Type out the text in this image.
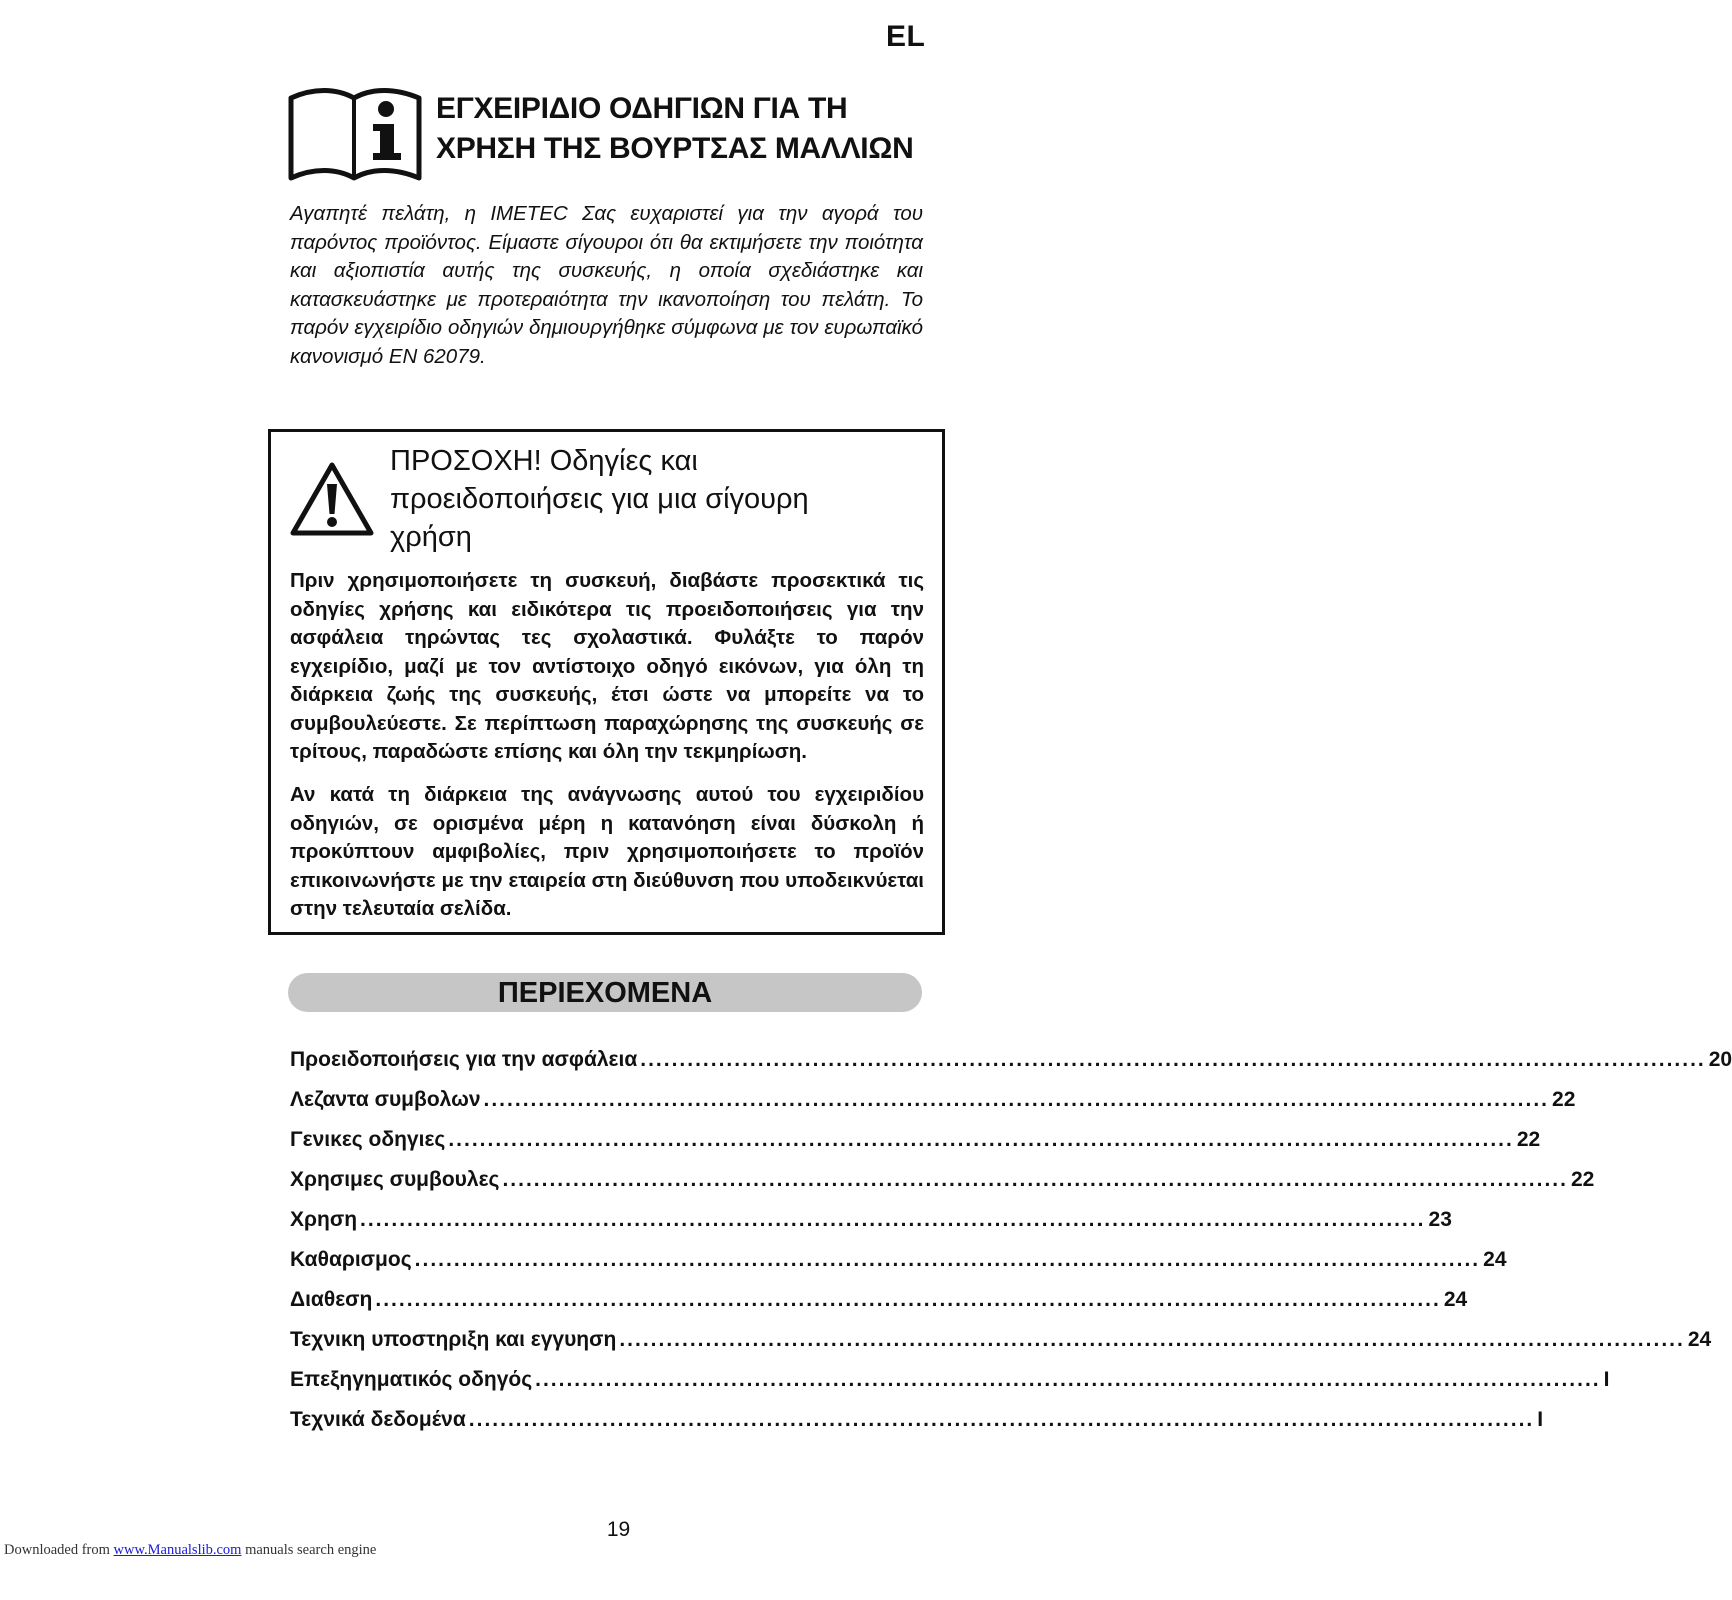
EL
ΕΓΧΕΙΡΙΔΙΟ ΟΔΗΓΙΩΝ ΓΙΑ ΤΗ
ΧΡΗΣΗ ΤΗΣ ΒΟΥΡΤΣΑΣ ΜΑΛΛΙΩΝ

Αγαπητέ πελάτη, η IMETEC Σας ευχαριστεί για την αγορά του παρόντος προϊόντος. Είμαστε σίγουροι ότι θα εκτιμήσετε την ποιότητα και αξιοπιστία αυτής της συσκευής, η οποία σχεδιάστηκε και κατασκευάστηκε με προτεραιότητα την ικανοποίηση του πελάτη. Το παρόν εγχειρίδιο οδηγιών δημιουργήθηκε σύμφωνα με τον ευρωπαϊκό κανονισμό EN 62079.

ΠΡΟΣΟΧΗ! Οδηγίες και
προειδοποιήσεις για μια σίγουρη
χρήση

Πριν χρησιμοποιήσετε τη συσκευή, διαβάστε προσεκτικά τις οδηγίες χρήσης και ειδικότερα τις προειδοποιήσεις για την ασφάλεια τηρώντας τες σχολαστικά. Φυλάξτε το παρόν εγχειρίδιο, μαζί με τον αντίστοιχο οδηγό εικόνων, για όλη τη διάρκεια ζωής της συσκευής, έτσι ώστε να μπορείτε να το συμβουλεύεστε. Σε περίπτωση παραχώρησης της συσκευής σε τρίτους, παραδώστε επίσης και όλη την τεκμηρίωση.

Αν κατά τη διάρκεια της ανάγνωσης αυτού του εγχειριδίου οδηγιών, σε ορισμένα μέρη η κατανόηση είναι δύσκολη ή προκύπτουν αμφιβολίες, πριν χρησιμοποιήσετε το προϊόν επικοινωνήστε με την εταιρεία στη διεύθυνση που υποδεικνύεται στην τελευταία σελίδα.

ΠΕΡΙΕΧΟΜΕΝΑ
Προειδοποιήσεις για την ασφάλεια ........................................................................................................................................ 20
Λεζαντα συμβολων ........................................................................................................................................ 22
Γενικες οδηγιες ........................................................................................................................................ 22
Χρησιμες συμβουλες ........................................................................................................................................ 22
Χρηση ........................................................................................................................................ 23
Καθαρισμος ........................................................................................................................................ 24
Διαθεση ........................................................................................................................................ 24
Τεχνικη υποστηριξη και εγγυηση ........................................................................................................................................ 24
Επεξηγηματικός οδηγός ........................................................................................................................................ I
Τεχνικά δεδομένα ........................................................................................................................................ I
19
Downloaded from www.Manualslib.com manuals search engine
